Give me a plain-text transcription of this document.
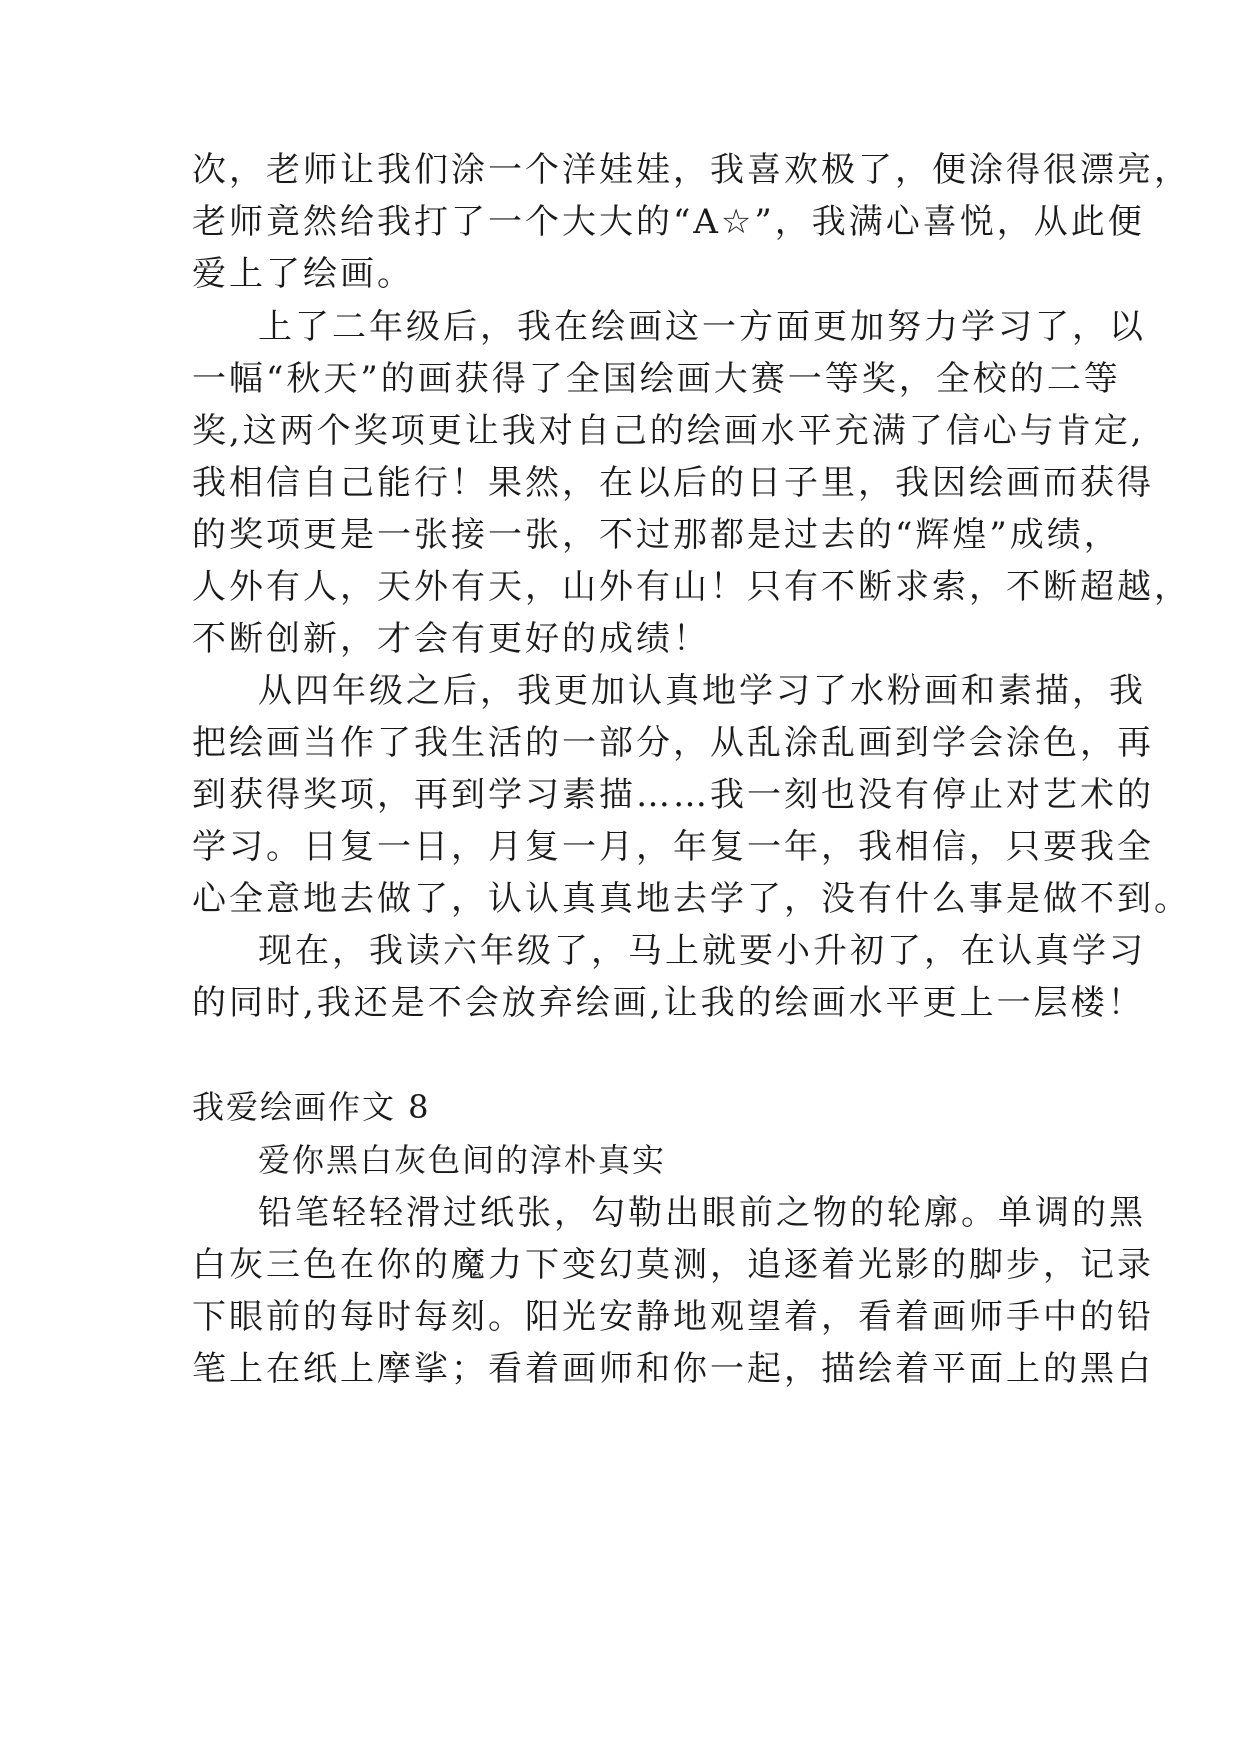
次，老师让我们涂一个洋娃娃，我喜欢极了，便涂得很漂亮，
老师竟然给我打了一个大大的“A☆”，我满心喜悦，从此便
爱上了绘画。
上了二年级后，我在绘画这一方面更加努力学习了，以
一幅“秋天”的画获得了全国绘画大赛一等奖，全校的二等
奖,这两个奖项更让我对自己的绘画水平充满了信心与肯定,
我相信自己能行！果然，在以后的日子里，我因绘画而获得
的奖项更是一张接一张，不过那都是过去的“辉煌”成绩，
人外有人，天外有天，山外有山！只有不断求索，不断超越，
不断创新，才会有更好的成绩！
从四年级之后，我更加认真地学习了水粉画和素描，我
把绘画当作了我生活的一部分，从乱涂乱画到学会涂色，再
到获得奖项，再到学习素描……我一刻也没有停止对艺术的
学习。日复一日，月复一月，年复一年，我相信，只要我全
心全意地去做了，认认真真地去学了，没有什么事是做不到。
现在，我读六年级了，马上就要小升初了，在认真学习
的同时,我还是不会放弃绘画,让我的绘画水平更上一层楼！
我爱绘画作文 8
爱你黑白灰色间的淳朴真实
铅笔轻轻滑过纸张，勾勒出眼前之物的轮廓。单调的黑
白灰三色在你的魔力下变幻莫测，追逐着光影的脚步，记录
下眼前的每时每刻。阳光安静地观望着，看着画师手中的铅
笔上在纸上摩挲；看着画师和你一起，描绘着平面上的黑白
